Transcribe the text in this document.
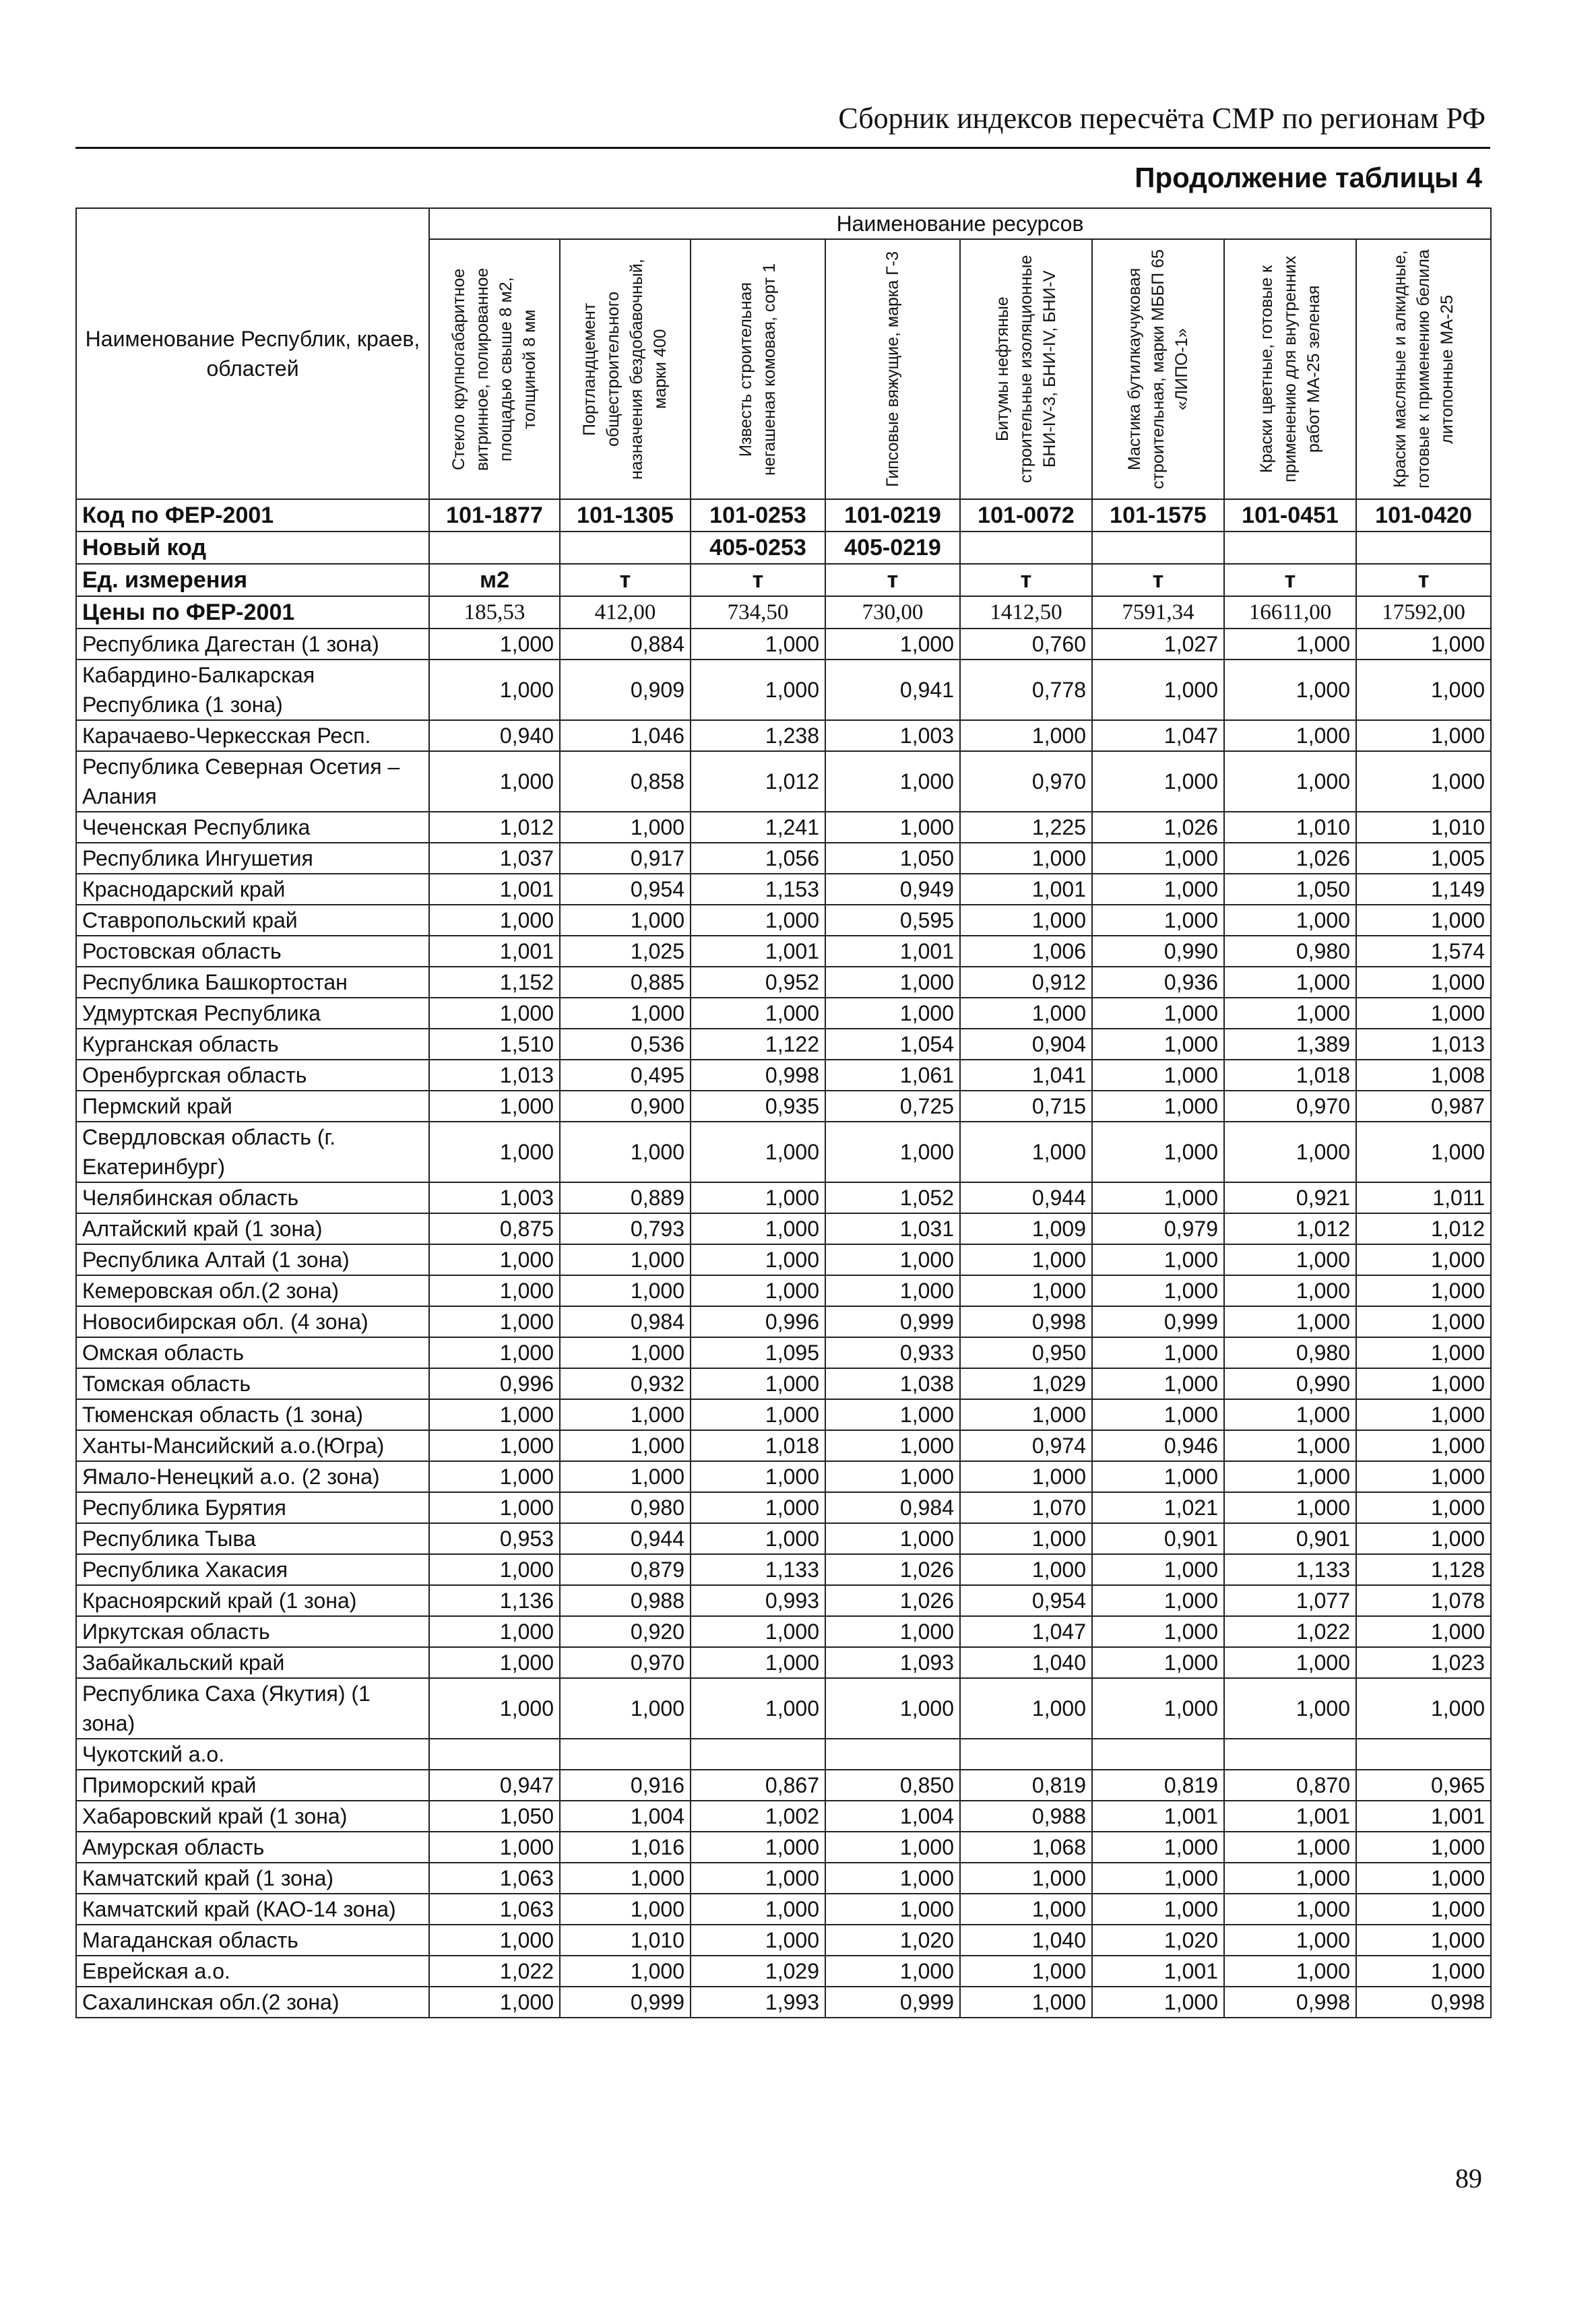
Сборник индексов пересчёта СМР по регионам РФ
Продолжение таблицы 4
Наименование Республик, краев, областей	Наименование ресурсов							

	Стекло крупногабаритное витринное, полированное площадью свыше 8 м2, толщиной 8 мм	Портландцемент общестроительного назначения бездобавочный, марки 400	Известь строительная негашеная комовая, сорт 1	Гипсовые вяжущие, марка Г-3	Битумы нефтяные строительные изоляционные БНИ-IV-3, БНИ-IV, БНИ-V	Мастика бутилкаучуковая строительная, марки МББП 65 «ЛИПО-1»	Краски цветные, готовые к применению для внутренних работ МА-25 зеленая	Краски масляные и алкидные, готовые к применению белила литопонные МА-25

Код по ФЕР-2001	101-1877	101-1305	101-0253	101-0219	101-0072	101-1575	101-0451	101-0420
Новый код			405-0253	405-0219				
Ед. измерения	м2	т	т	т	т	т	т	т
Цены по ФЕР-2001	185,53	412,00	734,50	730,00	1412,50	7591,34	16611,00	17592,00
Республика Дагестан (1 зона)	1,000	0,884	1,000	1,000	0,760	1,027	1,000	1,000
Кабардино-Балкарская Республика (1 зона)	1,000	0,909	1,000	0,941	0,778	1,000	1,000	1,000
Карачаево-Черкесская Респ.	0,940	1,046	1,238	1,003	1,000	1,047	1,000	1,000
Республика Северная Осетия – Алания	1,000	0,858	1,012	1,000	0,970	1,000	1,000	1,000
Чеченская Республика	1,012	1,000	1,241	1,000	1,225	1,026	1,010	1,010
Республика Ингушетия	1,037	0,917	1,056	1,050	1,000	1,000	1,026	1,005
Краснодарский край	1,001	0,954	1,153	0,949	1,001	1,000	1,050	1,149
Ставропольский край	1,000	1,000	1,000	0,595	1,000	1,000	1,000	1,000
Ростовская область	1,001	1,025	1,001	1,001	1,006	0,990	0,980	1,574
Республика Башкортостан	1,152	0,885	0,952	1,000	0,912	0,936	1,000	1,000
Удмуртская Республика	1,000	1,000	1,000	1,000	1,000	1,000	1,000	1,000
Курганская область	1,510	0,536	1,122	1,054	0,904	1,000	1,389	1,013
Оренбургская область	1,013	0,495	0,998	1,061	1,041	1,000	1,018	1,008
Пермский край	1,000	0,900	0,935	0,725	0,715	1,000	0,970	0,987
Свердловская область (г. Екатеринбург)	1,000	1,000	1,000	1,000	1,000	1,000	1,000	1,000
Челябинская область	1,003	0,889	1,000	1,052	0,944	1,000	0,921	1,011
Алтайский край (1 зона)	0,875	0,793	1,000	1,031	1,009	0,979	1,012	1,012
Республика Алтай (1 зона)	1,000	1,000	1,000	1,000	1,000	1,000	1,000	1,000
Кемеровская обл.(2 зона)	1,000	1,000	1,000	1,000	1,000	1,000	1,000	1,000
Новосибирская обл. (4 зона)	1,000	0,984	0,996	0,999	0,998	0,999	1,000	1,000
Омская область	1,000	1,000	1,095	0,933	0,950	1,000	0,980	1,000
Томская область	0,996	0,932	1,000	1,038	1,029	1,000	0,990	1,000
Тюменская область (1 зона)	1,000	1,000	1,000	1,000	1,000	1,000	1,000	1,000
Ханты-Мансийский а.о.(Югра)	1,000	1,000	1,018	1,000	0,974	0,946	1,000	1,000
Ямало-Ненецкий а.о. (2 зона)	1,000	1,000	1,000	1,000	1,000	1,000	1,000	1,000
Республика Бурятия	1,000	0,980	1,000	0,984	1,070	1,021	1,000	1,000
Республика Тыва	0,953	0,944	1,000	1,000	1,000	0,901	0,901	1,000
Республика Хакасия	1,000	0,879	1,133	1,026	1,000	1,000	1,133	1,128
Красноярский край (1 зона)	1,136	0,988	0,993	1,026	0,954	1,000	1,077	1,078
Иркутская область	1,000	0,920	1,000	1,000	1,047	1,000	1,022	1,000
Забайкальский край	1,000	0,970	1,000	1,093	1,040	1,000	1,000	1,023
Республика Саха (Якутия) (1 зона)	1,000	1,000	1,000	1,000	1,000	1,000	1,000	1,000
Чукотский а.о.								
Приморский край	0,947	0,916	0,867	0,850	0,819	0,819	0,870	0,965
Хабаровский край (1 зона)	1,050	1,004	1,002	1,004	0,988	1,001	1,001	1,001
Амурская область	1,000	1,016	1,000	1,000	1,068	1,000	1,000	1,000
Камчатский край (1 зона)	1,063	1,000	1,000	1,000	1,000	1,000	1,000	1,000
Камчатский край (КАО-14 зона)	1,063	1,000	1,000	1,000	1,000	1,000	1,000	1,000
Магаданская область	1,000	1,010	1,000	1,020	1,040	1,020	1,000	1,000
Еврейская а.о.	1,022	1,000	1,029	1,000	1,000	1,001	1,000	1,000
Сахалинская обл.(2 зона)	1,000	0,999	1,993	0,999	1,000	1,000	0,998	0,998
89
